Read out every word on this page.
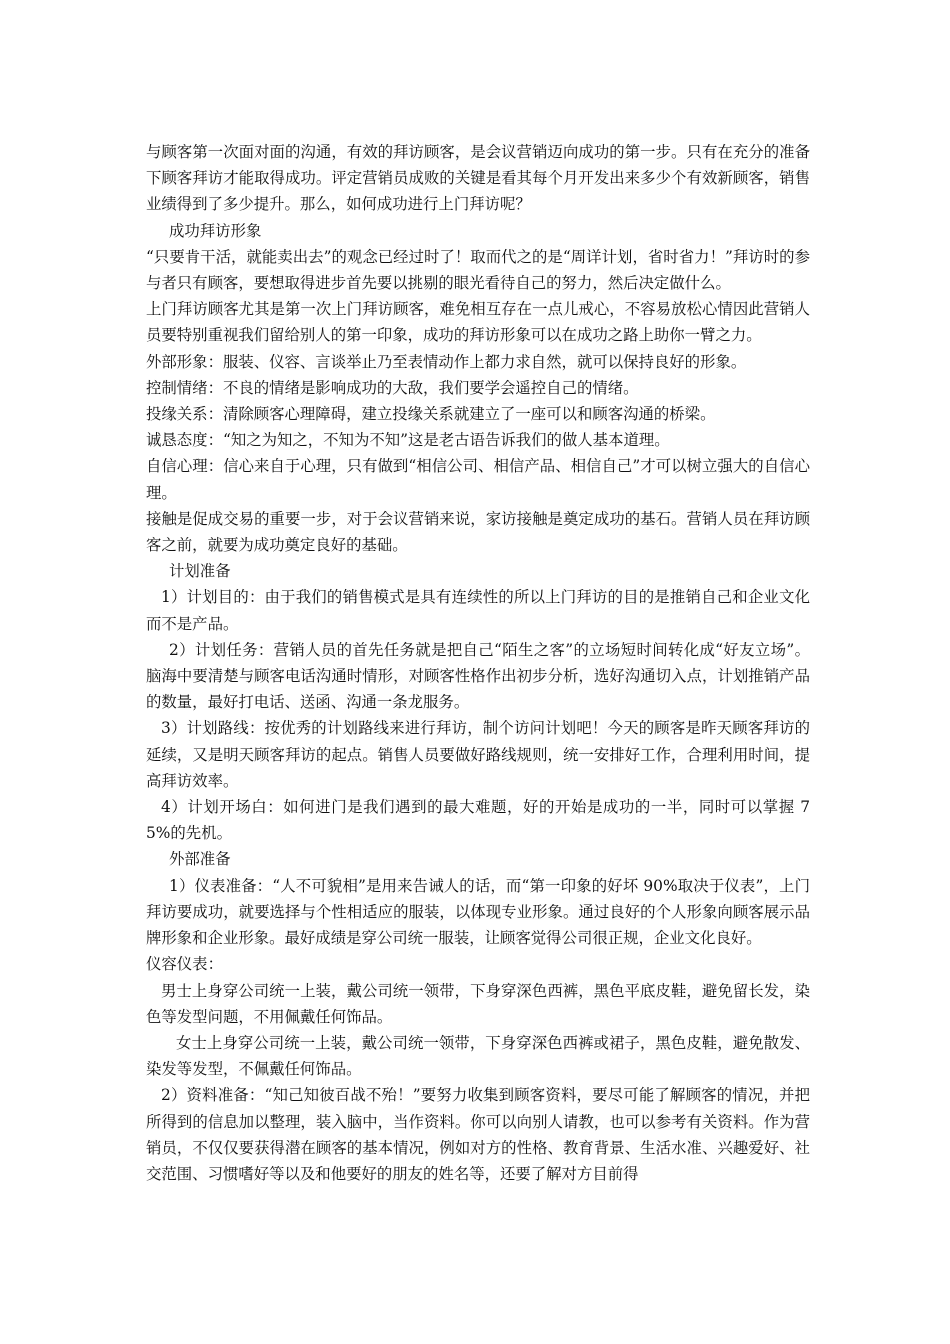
与顾客第一次面对面的沟通，有效的拜访顾客，是会议营销迈向成功的第一步。只有在充分的准备下顾客拜访才能取得成功。评定营销员成败的关键是看其每个月开发出来多少个有效新顾客，销售业绩得到了多少提升。那么，如何成功进行上门拜访呢？

成功拜访形象

“只要肯干活，就能卖出去”的观念已经过时了！取而代之的是“周详计划，省时省力！”拜访时的参与者只有顾客，要想取得进步首先要以挑剔的眼光看待自己的努力，然后决定做什么。

上门拜访顾客尤其是第一次上门拜访顾客，难免相互存在一点儿戒心，不容易放松心情因此营销人员要特别重视我们留给别人的第一印象，成功的拜访形象可以在成功之路上助你一臂之力。

外部形象：服装、仪容、言谈举止乃至表情动作上都力求自然，就可以保持良好的形象。

控制情绪：不良的情绪是影响成功的大敌，我们要学会遥控自己的情绪。

投缘关系：清除顾客心理障碍，建立投缘关系就建立了一座可以和顾客沟通的桥梁。

诚恳态度：“知之为知之，不知为不知”这是老古语告诉我们的做人基本道理。

自信心理：信心来自于心理，只有做到“相信公司、相信产品、相信自己”才可以树立强大的自信心理。

接触是促成交易的重要一步，对于会议营销来说，家访接触是奠定成功的基石。营销人员在拜访顾客之前，就要为成功奠定良好的基础。

计划准备

1）计划目的：由于我们的销售模式是具有连续性的所以上门拜访的目的是推销自己和企业文化而不是产品。

2）计划任务：营销人员的首先任务就是把自己“陌生之客”的立场短时间转化成“好友立场”。脑海中要清楚与顾客电话沟通时情形，对顾客性格作出初步分析，选好沟通切入点，计划推销产品的数量，最好打电话、送函、沟通一条龙服务。

3）计划路线：按优秀的计划路线来进行拜访，制个访问计划吧！今天的顾客是昨天顾客拜访的延续，又是明天顾客拜访的起点。销售人员要做好路线规则，统一安排好工作，合理利用时间，提高拜访效率。

4）计划开场白：如何进门是我们遇到的最大难题，好的开始是成功的一半，同时可以掌握 75%的先机。

外部准备

1）仪表准备：“人不可貌相”是用来告诫人的话，而“第一印象的好坏 90%取决于仪表”，上门拜访要成功，就要选择与个性相适应的服装，以体现专业形象。通过良好的个人形象向顾客展示品牌形象和企业形象。最好成绩是穿公司统一服装，让顾客觉得公司很正规，企业文化良好。

仪容仪表：

男士上身穿公司统一上装，戴公司统一领带，下身穿深色西裤，黑色平底皮鞋，避免留长发，染色等发型问题，不用佩戴任何饰品。

女士上身穿公司统一上装，戴公司统一领带，下身穿深色西裤或裙子，黑色皮鞋，避免散发、染发等发型，不佩戴任何饰品。

2）资料准备：“知己知彼百战不殆！”要努力收集到顾客资料，要尽可能了解顾客的情况，并把所得到的信息加以整理，装入脑中，当作资料。你可以向别人请教，也可以参考有关资料。作为营销员，不仅仅要获得潜在顾客的基本情况，例如对方的性格、教育背景、生活水准、兴趣爱好、社交范围、习惯嗜好等以及和他要好的朋友的姓名等，还要了解对方目前得
